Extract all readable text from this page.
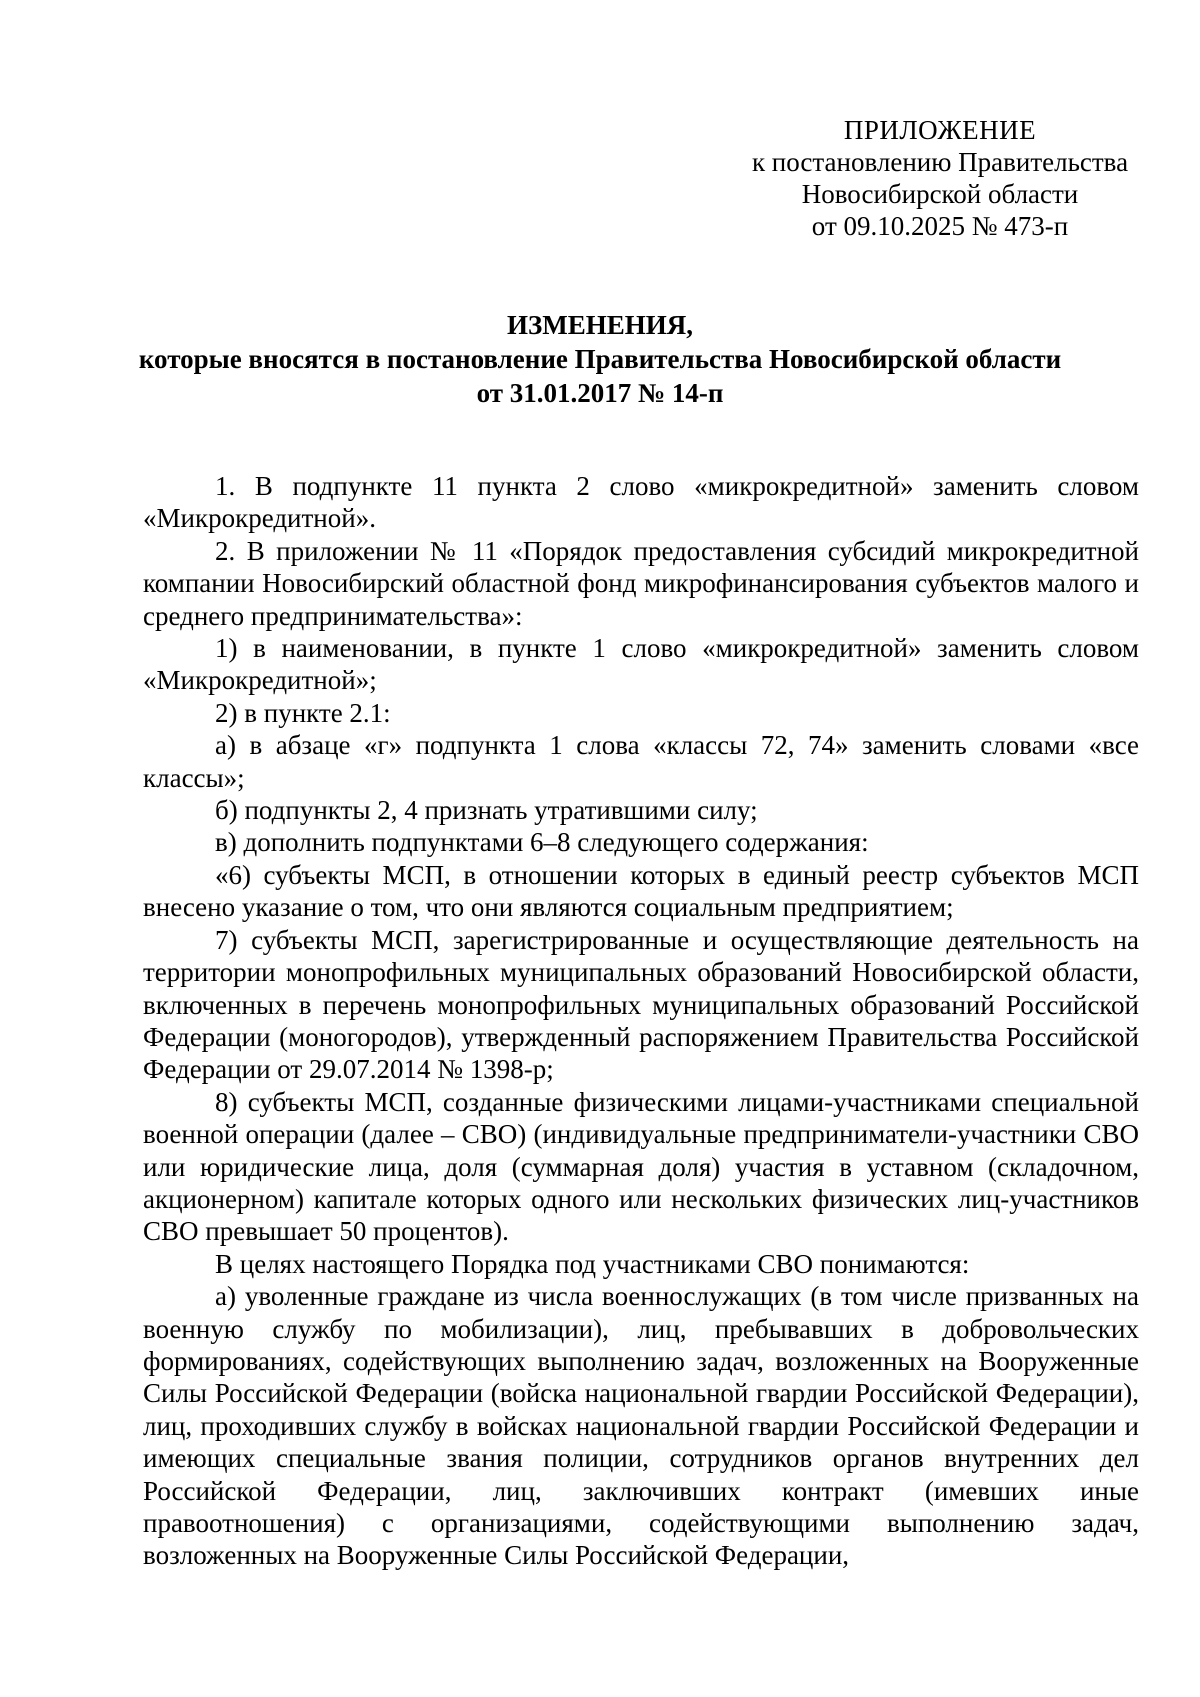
ПРИЛОЖЕНИЕ
к постановлению Правительства
Новосибирской области
от 09.10.2025 № 473-п
ИЗМЕНЕНИЯ,
которые вносятся в постановление Правительства Новосибирской области
от 31.01.2017 № 14-п

1. В подпункте 11 пункта 2 слово «микрокредитной» заменить словом «Микрокредитной».

2. В приложении № 11 «Порядок предоставления субсидий микрокредитной компании Новосибирский областной фонд микрофинансирования субъектов малого и среднего предпринимательства»:

1) в наименовании, в пункте 1 слово «микрокредитной» заменить словом «Микрокредитной»;

2) в пункте 2.1:

а) в абзаце «г» подпункта 1 слова «классы 72, 74» заменить словами «все классы»;

б) подпункты 2, 4 признать утратившими силу;

в) дополнить подпунктами 6–8 следующего содержания:

«6) субъекты МСП, в отношении которых в единый реестр субъектов МСП внесено указание о том, что они являются социальным предприятием;

7) субъекты МСП, зарегистрированные и осуществляющие деятельность на территории монопрофильных муниципальных образований Новосибирской области, включенных в перечень монопрофильных муниципальных образований Российской Федерации (моногородов), утвержденный распоряжением Правительства Российской Федерации от 29.07.2014 № 1398-р;

8) субъекты МСП, созданные физическими лицами-участниками специальной военной операции (далее – СВО) (индивидуальные предприниматели-участники СВО или юридические лица, доля (суммарная доля) участия в уставном (складочном, акционерном) капитале которых одного или нескольких физических лиц-участников СВО превышает 50 процентов).

В целях настоящего Порядка под участниками СВО понимаются:

а) уволенные граждане из числа военнослужащих (в том числе призванных на военную службу по мобилизации), лиц, пребывавших в добровольческих формированиях, содействующих выполнению задач, возложенных на Вооруженные Силы Российской Федерации (войска национальной гвардии Российской Федерации), лиц, проходивших службу в войсках национальной гвардии Российской Федерации и имеющих специальные звания полиции, сотрудников органов внутренних дел Российской Федерации, лиц, заключивших контракт (имевших иные правоотношения) с организациями, содействующими выполнению задач, возложенных на Вооруженные Силы Российской Федерации,
